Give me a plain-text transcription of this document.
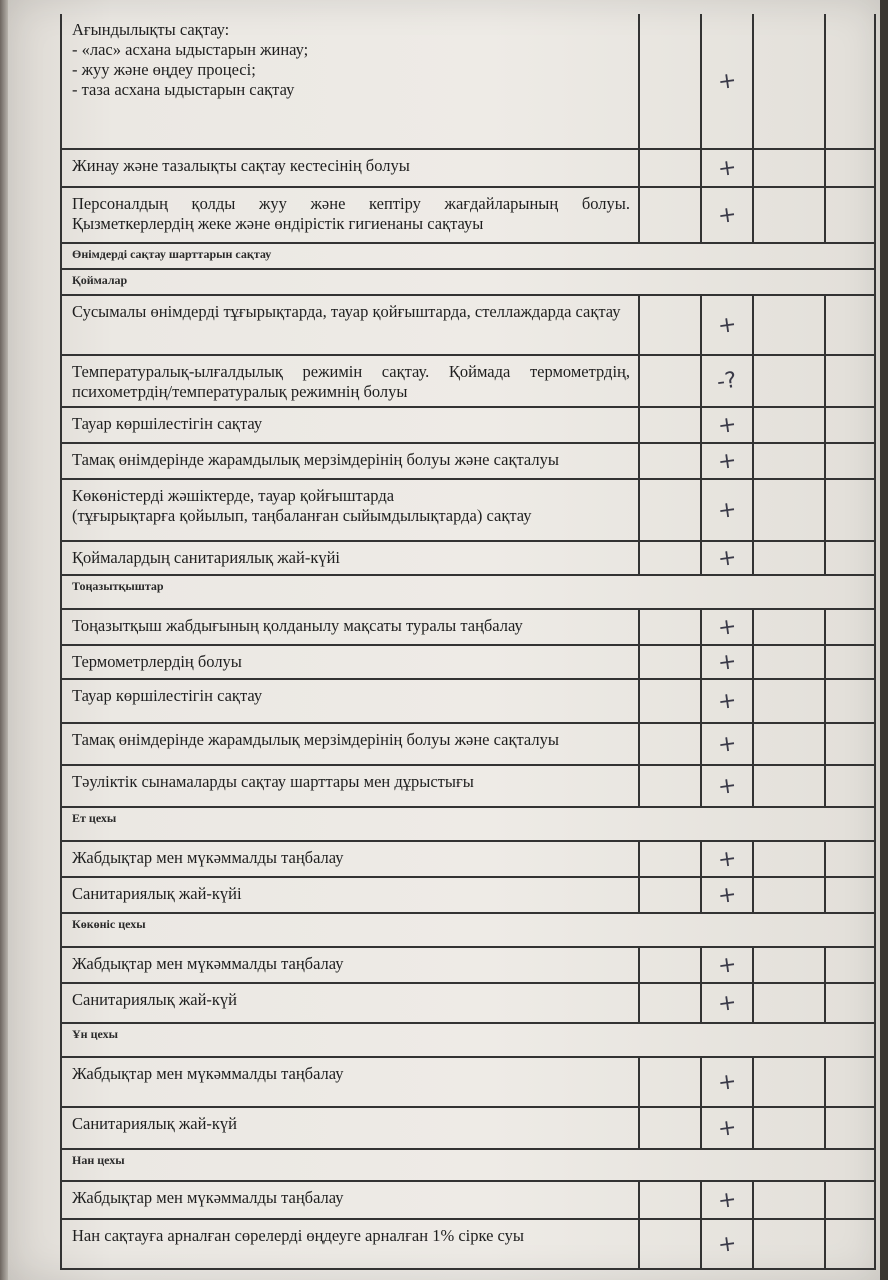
Ағындылықты сақтау:
- «лас» асхана ыдыстарын жинау;
- жуу және өңдеу процесі;
- таза асхана ыдыстарын сақтау	+
Жинау және тазалықты сақтау кестесінің болуы	+
Персоналдың қолды жуу және кептіру жағдайларының болуы. Қызметкерлердің жеке және өндірістік гигиенаны сақтауы	+
Өнімдерді сақтау шарттарын сақтау
Қоймалар
Сусымалы өнімдерді тұғырықтарда, тауар қойғыштарда, стеллаждарда сақтау	+
Температуралық-ылғалдылық режимін сақтау. Қоймада термометрдің, психометрдің/температуралық режимнің болуы	-?
Тауар көршілестігін сақтау	+
Тамақ өнімдерінде жарамдылық мерзімдерінің болуы және сақталуы	+
Көкөністерді жәшіктерде, тауар қойғыштарда
(тұғырықтарға қойылып, таңбаланған сыйымдылықтарда) сақтау	+
Қоймалардың санитариялық жай-күйі	+
Тоңазытқыштар
Тоңазытқыш жабдығының қолданылу мақсаты туралы таңбалау	+
Термометрлердің болуы	+
Тауар көршілестігін сақтау	+
Тамақ өнімдерінде жарамдылық мерзімдерінің болуы және сақталуы	+
Тәуліктік сынамаларды сақтау шарттары мен дұрыстығы	+
Ет цехы
Жабдықтар мен мүкәммалды таңбалау	+
Санитариялық жай-күйі	+
Көкөніс цехы
Жабдықтар мен мүкәммалды таңбалау	+
Санитариялық жай-күй	+
Ұн цехы
Жабдықтар мен мүкәммалды таңбалау	+
Санитариялық жай-күй	+
Нан цехы
Жабдықтар мен мүкәммалды таңбалау	+
Нан сақтауға арналған сөрелерді өңдеуге арналған 1% сірке суы	+
